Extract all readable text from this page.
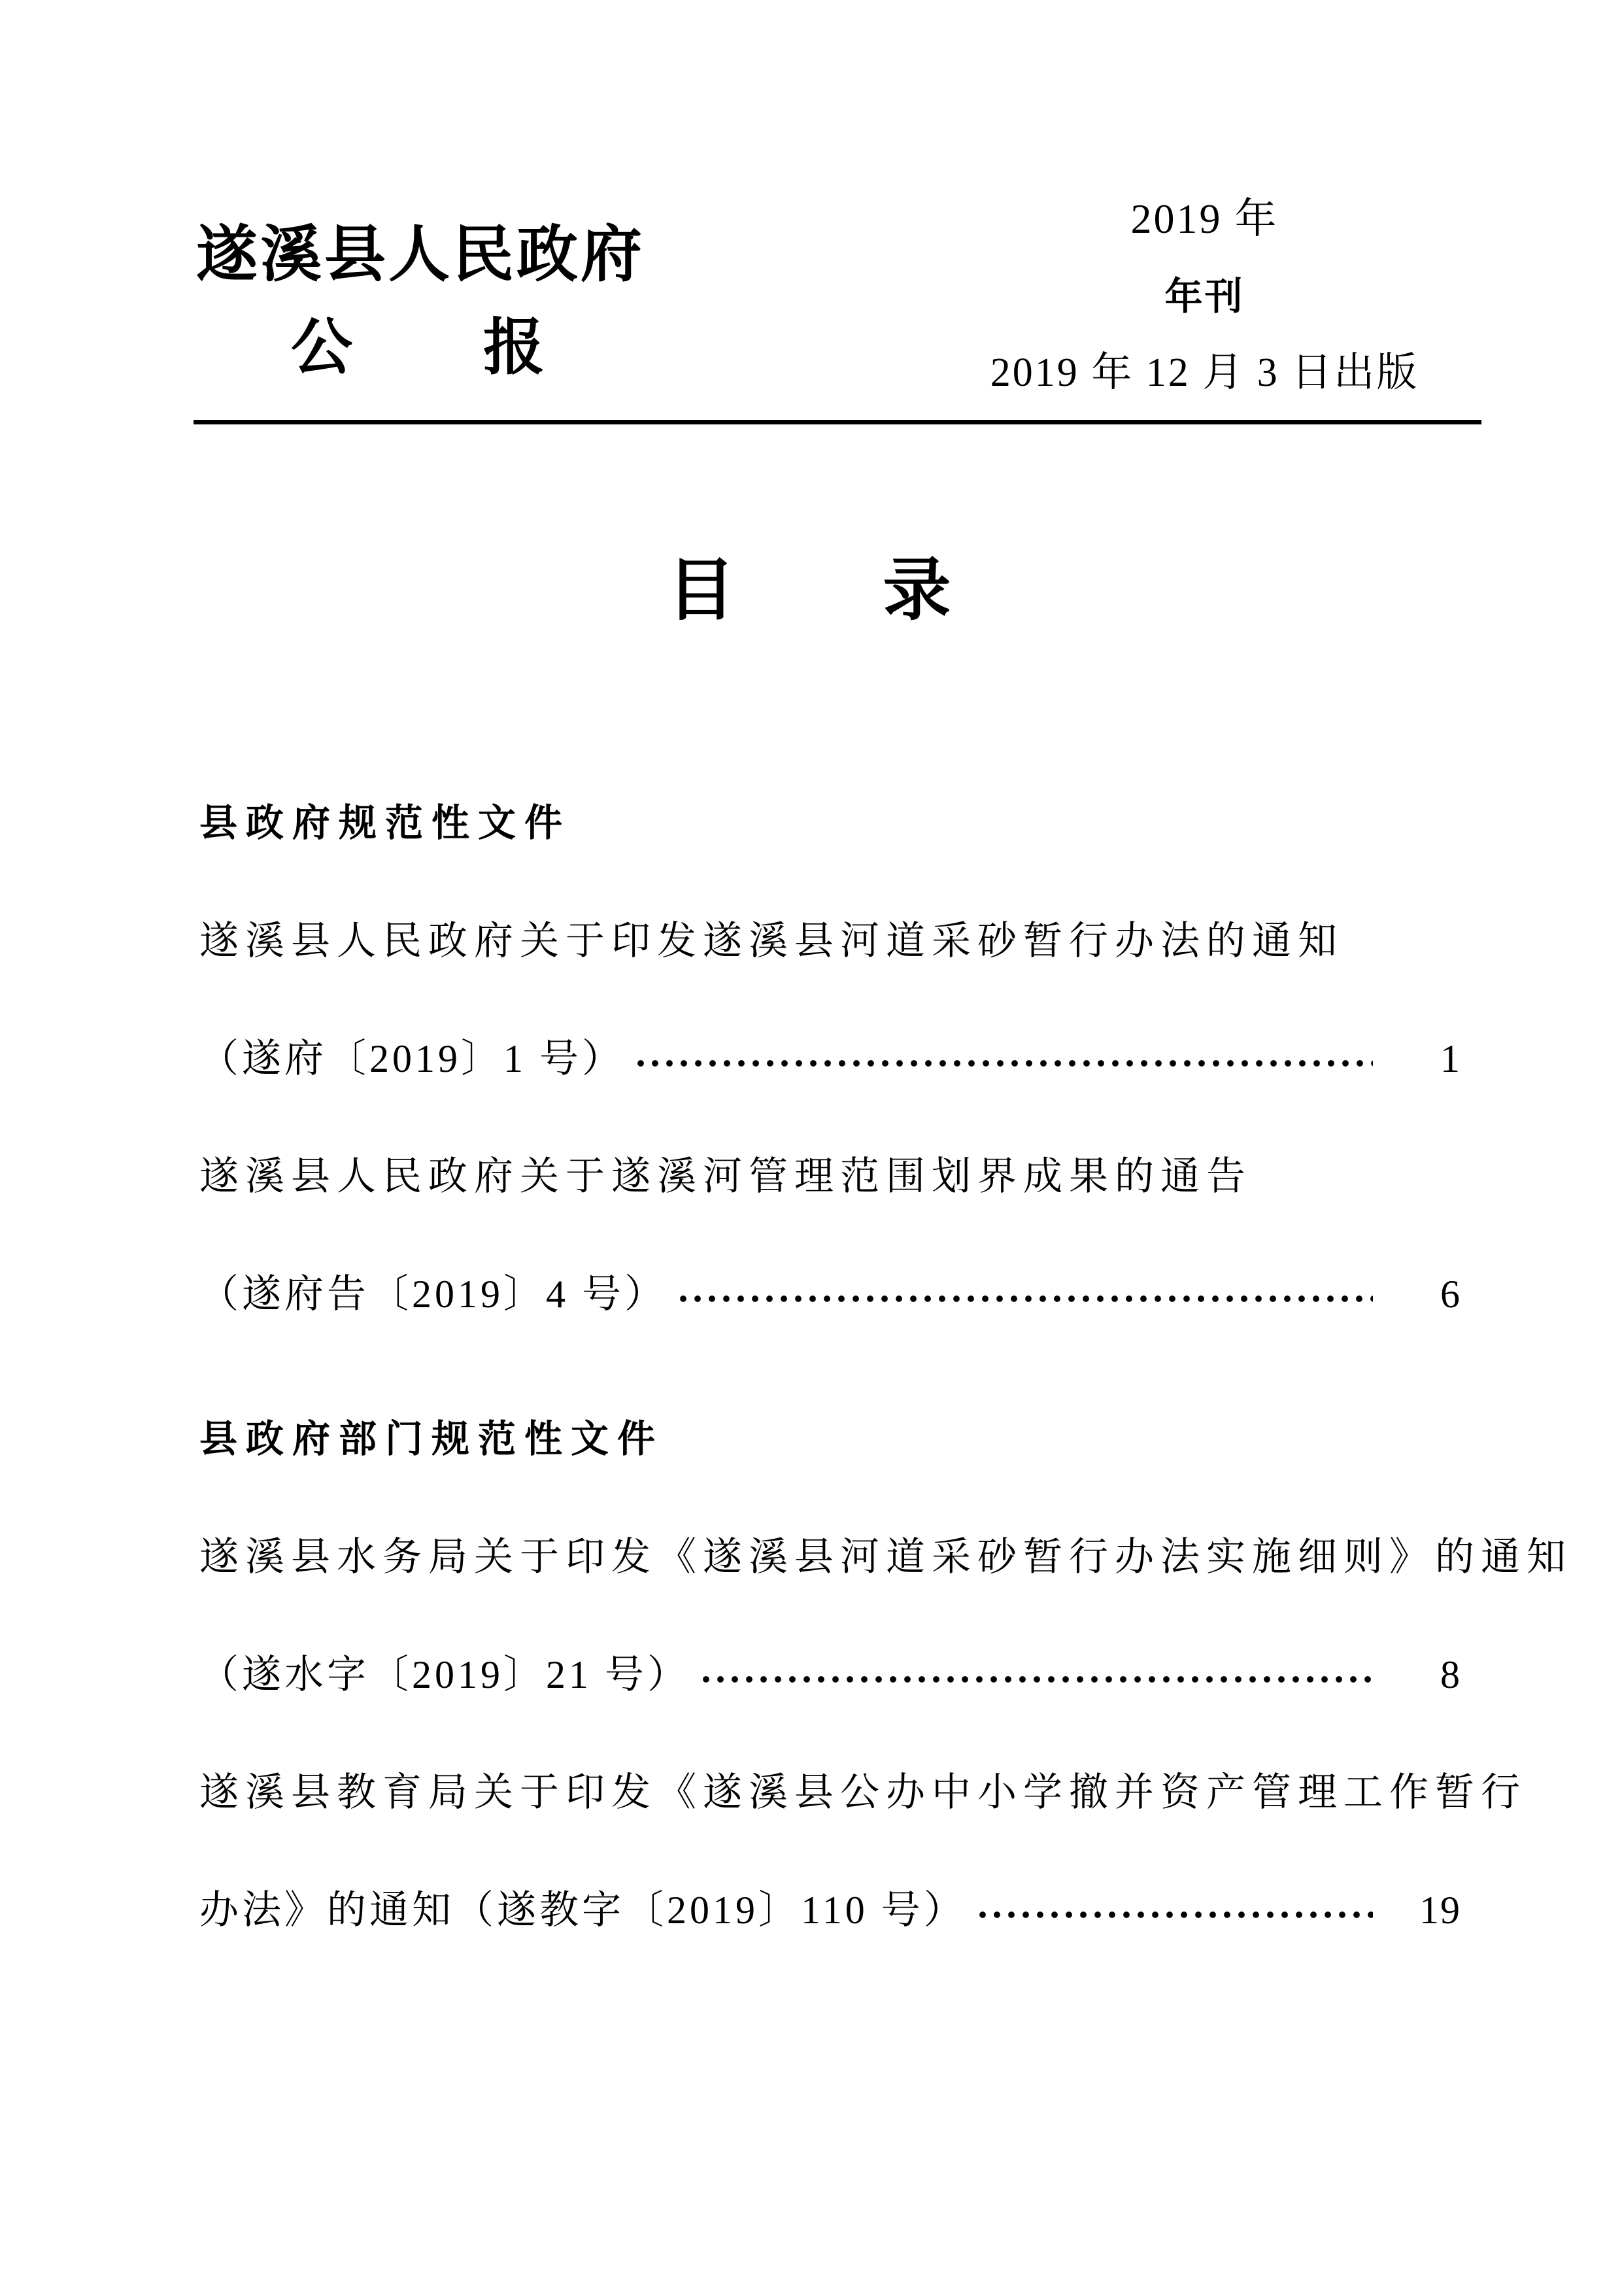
遂溪县人民政府
公　　报
2019 年
年刊
2019 年 12 月 3 日出版
目　　录
县政府规范性文件
遂溪县人民政府关于印发遂溪县河道采砂暂行办法的通知
（遂府〔2019〕1 号）	1
遂溪县人民政府关于遂溪河管理范围划界成果的通告
（遂府告〔2019〕4 号）	6
县政府部门规范性文件
遂溪县水务局关于印发《遂溪县河道采砂暂行办法实施细则》的通知
（遂水字〔2019〕21 号）	8
遂溪县教育局关于印发《遂溪县公办中小学撤并资产管理工作暂行
办法》的通知（遂教字〔2019〕110 号）	19
